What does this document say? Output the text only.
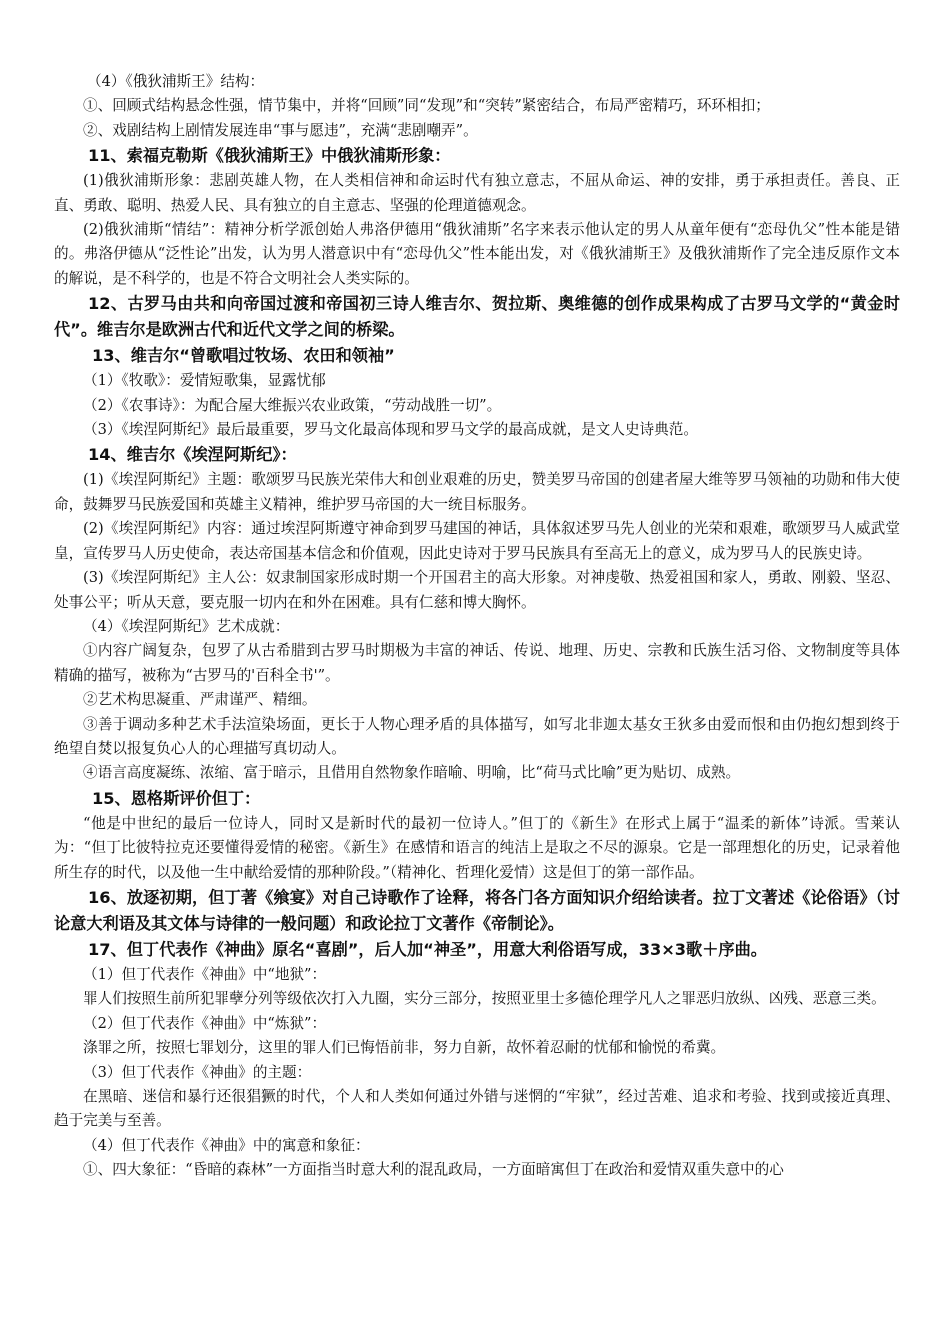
（4）《俄狄浦斯王》结构：

①、回顾式结构悬念性强，情节集中，并将“回顾”同“发现”和“突转”紧密结合，布局严密精巧，环环相扣；

②、戏剧结构上剧情发展连串“事与愿违”，充满“悲剧嘲弄”。

11、索福克勒斯《俄狄浦斯王》中俄狄浦斯形象：

(1)俄狄浦斯形象：悲剧英雄人物，在人类相信神和命运时代有独立意志，不屈从命运、神的安排，勇于承担责任。善良、正直、勇敢、聪明、热爱人民、具有独立的自主意志、坚强的伦理道德观念。

(2)俄狄浦斯“情结”：精神分析学派创始人弗洛伊德用“俄狄浦斯”名字来表示他认定的男人从童年便有“恋母仇父”性本能是错的。弗洛伊德从“泛性论”出发，认为男人潜意识中有“恋母仇父”性本能出发，对《俄狄浦斯王》及俄狄浦斯作了完全违反原作文本的解说，是不科学的，也是不符合文明社会人类实际的。

12、古罗马由共和向帝国过渡和帝国初三诗人维吉尔、贺拉斯、奥维德的创作成果构成了古罗马文学的“黄金时代”。维吉尔是欧洲古代和近代文学之间的桥梁。

13、维吉尔“曾歌唱过牧场、农田和领袖”

（1）《牧歌》：爱情短歌集，显露忧郁

（2）《农事诗》：为配合屋大维振兴农业政策，“劳动战胜一切”。

（3）《埃涅阿斯纪》最后最重要，罗马文化最高体现和罗马文学的最高成就，是文人史诗典范。

14、维吉尔《埃涅阿斯纪》：

(1)《埃涅阿斯纪》主题：歌颂罗马民族光荣伟大和创业艰难的历史，赞美罗马帝国的创建者屋大维等罗马领袖的功勋和伟大使命，鼓舞罗马民族爱国和英雄主义精神，维护罗马帝国的大一统目标服务。

(2)《埃涅阿斯纪》内容：通过埃涅阿斯遵守神命到罗马建国的神话，具体叙述罗马先人创业的光荣和艰难，歌颂罗马人威武堂皇，宣传罗马人历史使命，表达帝国基本信念和价值观，因此史诗对于罗马民族具有至高无上的意义，成为罗马人的民族史诗。

(3)《埃涅阿斯纪》主人公：奴隶制国家形成时期一个开国君主的高大形象。对神虔敬、热爱祖国和家人，勇敢、刚毅、坚忍、处事公平；听从天意，要克服一切内在和外在困难。具有仁慈和博大胸怀。

（4）《埃涅阿斯纪》艺术成就：

①内容广阔复杂，包罗了从古希腊到古罗马时期极为丰富的神话、传说、地理、历史、宗教和氏族生活习俗、文物制度等具体精确的描写，被称为“古罗马的'百科全书'”。

②艺术构思凝重、严肃谨严、精细。

③善于调动多种艺术手法渲染场面，更长于人物心理矛盾的具体描写，如写北非迦太基女王狄多由爱而恨和由仍抱幻想到终于绝望自焚以报复负心人的心理描写真切动人。

④语言高度凝练、浓缩、富于暗示，且借用自然物象作暗喻、明喻，比“荷马式比喻”更为贴切、成熟。

15、恩格斯评价但丁：

“他是中世纪的最后一位诗人，同时又是新时代的最初一位诗人。”但丁的《新生》在形式上属于“温柔的新体”诗派。雪莱认为：“但丁比彼特拉克还要懂得爱情的秘密。《新生》在感情和语言的纯洁上是取之不尽的源泉。它是一部理想化的历史，记录着他所生存的时代，以及他一生中献给爱情的那种阶段。”（精神化、哲理化爱情）这是但丁的第一部作品。

16、放逐初期，但丁著《飨宴》对自己诗歌作了诠释，将各门各方面知识介绍给读者。拉丁文著述《论俗语》（讨论意大利语及其文体与诗律的一般问题）和政论拉丁文著作《帝制论》。

17、但丁代表作《神曲》原名“喜剧”，后人加“神圣”，用意大利俗语写成，33×3歌＋序曲。

（1）但丁代表作《神曲》中“地狱”：

罪人们按照生前所犯罪孽分列等级依次打入九圈，实分三部分，按照亚里士多德伦理学凡人之罪恶归放纵、凶残、恶意三类。

（2）但丁代表作《神曲》中“炼狱”：

涤罪之所，按照七罪划分，这里的罪人们已悔悟前非，努力自新，故怀着忍耐的忧郁和愉悦的希冀。

（3）但丁代表作《神曲》的主题：

在黑暗、迷信和暴行还很猖獗的时代，个人和人类如何通过外错与迷惘的“牢狱”，经过苦难、追求和考验、找到或接近真理、趋于完美与至善。

（4）但丁代表作《神曲》中的寓意和象征：

①、四大象征：“昏暗的森林”一方面指当时意大利的混乱政局，一方面暗寓但丁在政治和爱情双重失意中的心
